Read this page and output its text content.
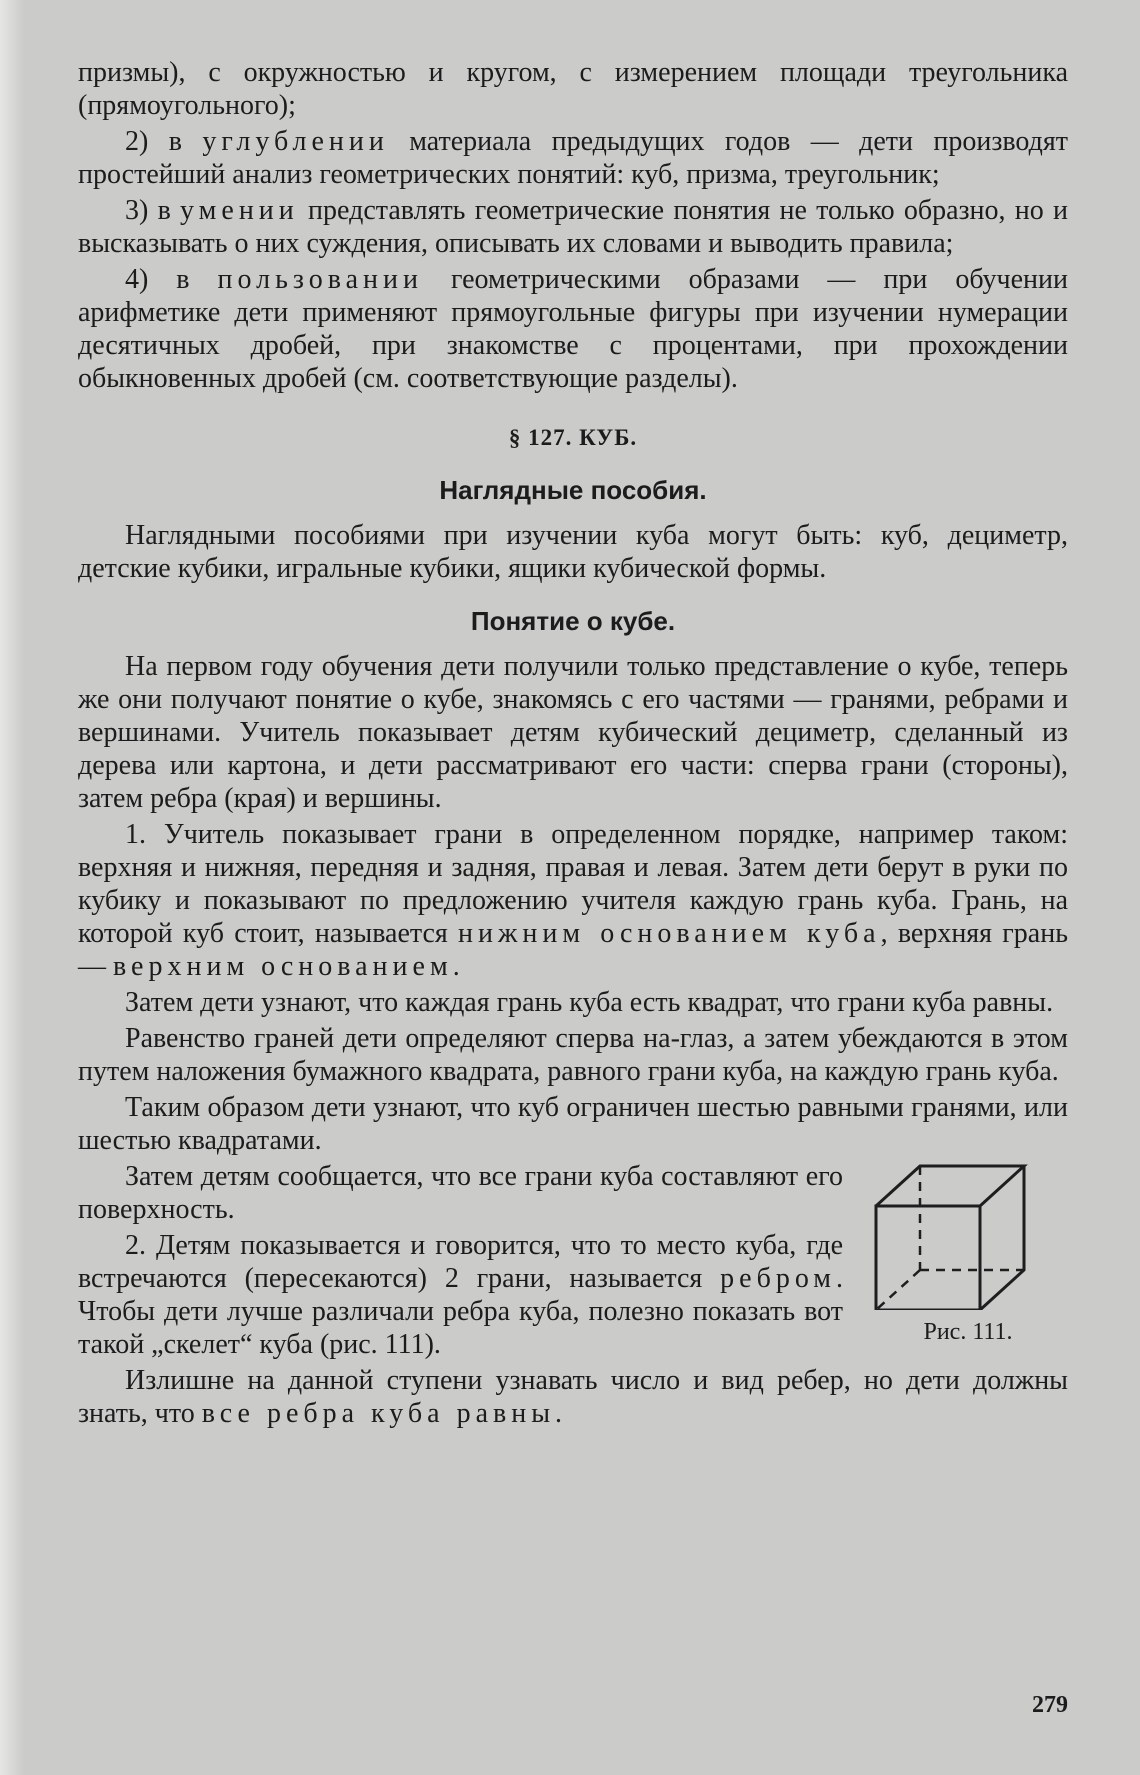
призмы), с окружностью и кругом, с измерением площади треугольника (прямоугольного);

2) в углублении материала предыдущих годов — дети производят простейший анализ геометрических понятий: куб, призма, треугольник;

3) в умении представлять геометрические понятия не только образно, но и высказывать о них суждения, описывать их словами и выводить правила;

4) в пользовании геометрическими образами — при обучении арифметике дети применяют прямоугольные фигуры при изучении нумерации десятичных дробей, при знакомстве с процентами, при прохождении обыкновенных дробей (см. соответствующие разделы).

§ 127. КУБ.
Наглядные пособия.

Наглядными пособиями при изучении куба могут быть: куб, дециметр, детские кубики, игральные кубики, ящики кубической формы.

Понятие о кубе.

На первом году обучения дети получили только представление о кубе, теперь же они получают понятие о кубе, знакомясь с его частями — гранями, ребрами и вершинами. Учитель показывает детям кубический дециметр, сделанный из дерева или картона, и дети рассматривают его части: сперва грани (стороны), затем ребра (края) и вершины.

1. Учитель показывает грани в определенном порядке, например таком: верхняя и нижняя, передняя и задняя, правая и левая. Затем дети берут в руки по кубику и показывают по предложению учителя каждую грань куба. Грань, на которой куб стоит, называется нижним основанием куба, верхняя грань — верхним основанием.

Затем дети узнают, что каждая грань куба есть квадрат, что грани куба равны.

Равенство граней дети определяют сперва на-глаз, а затем убеждаются в этом путем наложения бумажного квадрата, равного грани куба, на каждую грань куба.

Таким образом дети узнают, что куб ограничен шестью равными гранями, или шестью квадратами.

Рис. 111.

Затем детям сообщается, что все грани куба составляют его поверхность.

2. Детям показывается и говорится, что то место куба, где встречаются (пересекаются) 2 грани, называется ребром. Чтобы дети лучше различали ребра куба, полезно показать вот такой „скелет“ куба (рис. 111).

Излишне на данной ступени узнавать число и вид ребер, но дети должны знать, что все ребра куба равны.

279
